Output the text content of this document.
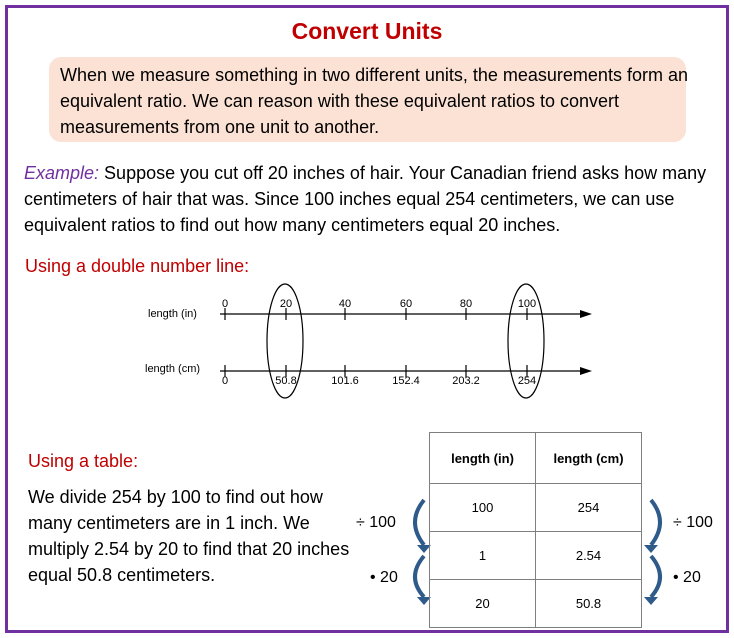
Convert Units
When we measure something in two different units, the measurements form an equivalent ratio. We can reason with these equivalent ratios to convert measurements from one unit to another.
Example: Suppose you cut off 20 inches of hair. Your Canadian friend asks how many centimeters of hair that was. Since 100 inches equal 254 centimeters, we can use equivalent ratios to find out how many centimeters equal 20 inches.
Using a double number line:
length (in)
length (cm)
0	20	40	60	80	100
0	50.8	101.6	152.4	203.2	254
Using a table:
We divide 254 by 100 to find out how many centimeters are in 1 inch. We multiply 2.54 by 20 to find that 20 inches equal 50.8 centimeters.
length (in)	length (cm)
100	254
1	2.54
20	50.8
÷ 100
• 20
÷ 100
• 20
